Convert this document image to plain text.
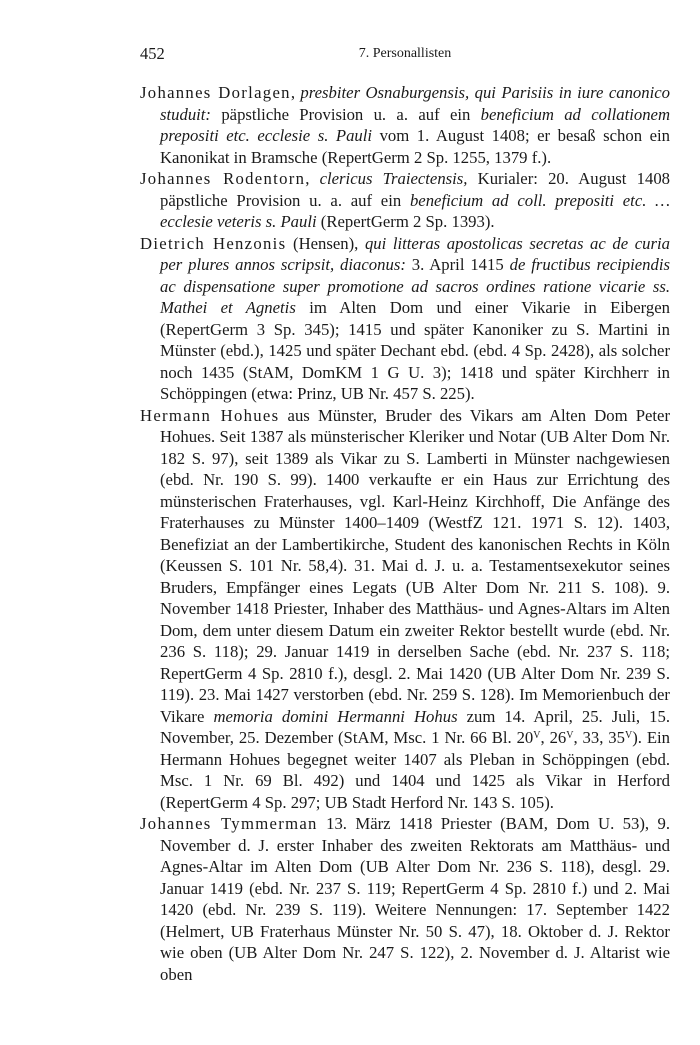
452	7. Personallisten

Johannes Dorlagen, presbiter Osnaburgensis, qui Parisiis in iure canonico studuit: päpstliche Provision u. a. auf ein beneficium ad collationem prepositi etc. ecclesie s. Pauli vom 1. August 1408; er besaß schon ein Kanonikat in Bramsche (RepertGerm 2 Sp. 1255, 1379 f.).

Johannes Rodentorn, clericus Traiectensis, Kurialer: 20. August 1408 päpstliche Provision u. a. auf ein beneficium ad coll. prepositi etc. … ecclesie veteris s. Pauli (RepertGerm 2 Sp. 1393).

Dietrich Henzonis (Hensen), qui litteras apostolicas secretas ac de curia per plures annos scripsit, diaconus: 3. April 1415 de fructibus recipiendis ac dispensatione super promotione ad sacros ordines ratione vicarie ss. Mathei et Agnetis im Alten Dom und einer Vikarie in Eibergen (RepertGerm 3 Sp. 345); 1415 und später Kanoniker zu S. Martini in Münster (ebd.), 1425 und später Dechant ebd. (ebd. 4 Sp. 2428), als solcher noch 1435 (StAM, DomKM 1 G U. 3); 1418 und später Kirchherr in Schöppingen (etwa: Prinz, UB Nr. 457 S. 225).

Hermann Hohues aus Münster, Bruder des Vikars am Alten Dom Peter Hohues. Seit 1387 als münsterischer Kleriker und Notar (UB Alter Dom Nr. 182 S. 97), seit 1389 als Vikar zu S. Lamberti in Münster nachgewiesen (ebd. Nr. 190 S. 99). 1400 verkaufte er ein Haus zur Errichtung des münsterischen Fraterhauses, vgl. Karl-Heinz Kirchhoff, Die Anfänge des Fraterhauses zu Münster 1400–1409 (WestfZ 121. 1971 S. 12). 1403, Benefiziat an der Lambertikirche, Student des kanonischen Rechts in Köln (Keussen S. 101 Nr. 58,4). 31. Mai d. J. u. a. Testamentsexekutor seines Bruders, Empfänger eines Legats (UB Alter Dom Nr. 211 S. 108). 9. November 1418 Priester, Inhaber des Matthäus- und Agnes-Altars im Alten Dom, dem unter diesem Datum ein zweiter Rektor bestellt wurde (ebd. Nr. 236 S. 118); 29. Januar 1419 in derselben Sache (ebd. Nr. 237 S. 118; RepertGerm 4 Sp. 2810 f.), desgl. 2. Mai 1420 (UB Alter Dom Nr. 239 S. 119). 23. Mai 1427 verstorben (ebd. Nr. 259 S. 128). Im Memorienbuch der Vikare memoria domini Hermanni Hohus zum 14. April, 25. Juli, 15. November, 25. Dezember (StAM, Msc. 1 Nr. 66 Bl. $20^V$, $26^V$, 33, $35^V$). Ein Hermann Hohues begegnet weiter 1407 als Pleban in Schöppingen (ebd. Msc. 1 Nr. 69 Bl. 492) und 1404 und 1425 als Vikar in Herford (RepertGerm 4 Sp. 297; UB Stadt Herford Nr. 143 S. 105).

Johannes Tymmerman 13. März 1418 Priester (BAM, Dom U. 53), 9. November d. J. erster Inhaber des zweiten Rektorats am Matthäus- und Agnes-Altar im Alten Dom (UB Alter Dom Nr. 236 S. 118), desgl. 29. Januar 1419 (ebd. Nr. 237 S. 119; RepertGerm 4 Sp. 2810 f.) und 2. Mai 1420 (ebd. Nr. 239 S. 119). Weitere Nennungen: 17. September 1422 (Helmert, UB Fraterhaus Münster Nr. 50 S. 47), 18. Oktober d. J. Rektor wie oben (UB Alter Dom Nr. 247 S. 122), 2. November d. J. Altarist wie oben
